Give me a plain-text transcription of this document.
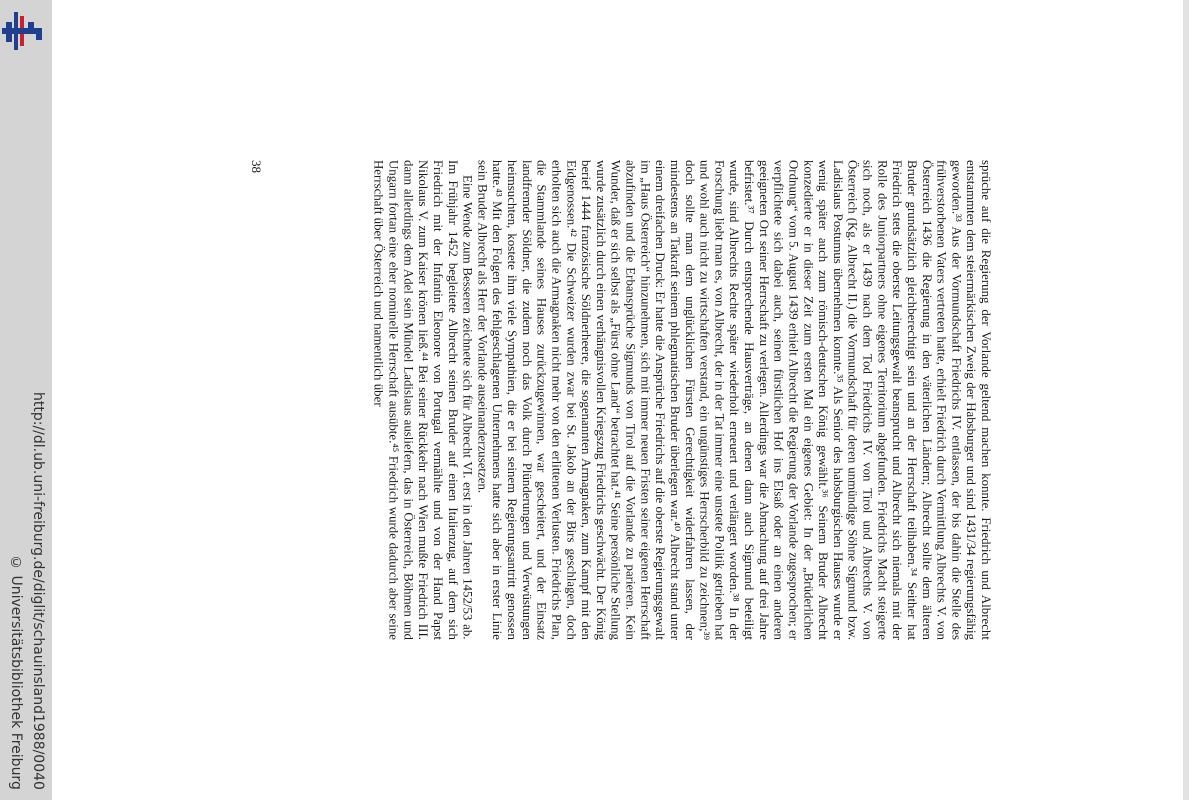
http://dl.ub.uni-freiburg.de/diglit/schauinsland1988/0040
© Universitätsbibliothek Freiburg

sprüche auf die Regierung der Vorlande geltend machen konnte. Friedrich und Albrecht entstammten dem steiermärkischen Zweig der Habsburger und sind 1431/34 regierungsfähig geworden.³³ Aus der Vormundschaft Friedrichs IV. entlassen, der bis dahin die Stelle des frühverstorbenen Vaters vertreten hatte, erhielt Friedrich durch Vermittlung Albrechts V. von Österreich 1436 die Regierung in den väterlichen Ländern; Albrecht sollte dem älteren Bruder grundsätzlich gleichberechtigt sein und an der Herrschaft teilhaben.³⁴ Seither hat Friedrich stets die oberste Leitungsgewalt beansprucht und Albrecht sich niemals mit der Rolle des Juniorpartners ohne eigenes Territorium abgefunden. Friedrichs Macht steigerte sich noch, als er 1439 nach dem Tod Friedrichs IV. von Tirol und Albrechts V. von Österreich (Kg. Albrecht II.) die Vormundschaft für deren unmündige Söhne Sigmund bzw. Ladislaus Postumus übernehmen konnte.³⁵ Als Senior des habsburgischen Hauses wurde er wenig später auch zum römisch-deutschen König gewählt.³⁶ Seinem Bruder Albrecht konzedierte er in dieser Zeit zum ersten Mal ein eigenes Gebiet: In der „Brüderlichen Ordnung“ vom 5. August 1439 erhielt Albrecht die Regierung der Vorlande zugesprochen; er verpflichtete sich dabei auch, seinen fürstlichen Hof ins Elsaß oder an einen anderen geeigneten Ort seiner Herrschaft zu verlegen. Allerdings war die Abmachung auf drei Jahre befristet.³⁷ Durch entsprechende Hausverträge, an denen dann auch Sigmund beteiligt wurde, sind Albrechts Rechte später wiederholt erneuert und verlängert worden.³⁸ In der Forschung liebt man es, von Albrecht, der in der Tat immer eine unstete Politik getrieben hat und wohl auch nicht zu wirtschaften verstand, ein ungünstiges Herrscherbild zu zeichnen;³⁹ doch sollte man dem unglücklichen Fürsten Gerechtigkeit widerfahren lassen, der mindestens an Tatkraft seinem phlegmatischen Bruder überlegen war.⁴⁰ Albrecht stand unter einem dreifachen Druck: Er hatte die Ansprüche Friedrichs auf die oberste Regierungsgewalt im „Haus Österreich“ hinzunehmen, sich mit immer neuen Fristen seiner eigenen Herrschaft abzufinden und die Erbansprüche Sigmunds von Tirol auf die Vorlande zu parieren. Kein Wunder, daß er sich selbst als „Fürst ohne Land“ betrachtet hat.⁴¹ Seine persönliche Stellung wurde zusätzlich durch einen verhängnisvollen Kriegszug Friedrichs geschwächt. Der König berief 1444 französische Söldnerheere, die sogenannten Armagnaken, zum Kampf mit den Eidgenossen.⁴² Die Schweizer wurden zwar bei St. Jakob an der Birs geschlagen, doch erholten sich auch die Armagnaken nicht mehr von den erlittenen Verlusten. Friedrichs Plan, die Stammlande seines Hauses zurückzugewinnen, war gescheitert, und der Einsatz landfremder Söldner, die zudem noch das Volk durch Plünderungen und Verwüstungen heimsuchten, kostete ihm viele Sympathien, die er bei seinem Regierungsantritt genossen hatte.⁴³ Mit den Folgen des fehlgeschlagenen Unternehmens hatte sich aber in erster Linie sein Bruder Albrecht als Herr der Vorlande auseinanderzusetzen.

Eine Wende zum Besseren zeichnete sich für Albrecht VI. erst in den Jahren 1452/53 ab. Im Frühjahr 1452 begleitete Albrecht seinen Bruder auf einen Italienzug, auf dem sich Friedrich mit der Infantin Eleonore von Portugal vermählte und von der Hand Papst Nikolaus V. zum Kaiser krönen ließ.⁴⁴ Bei seiner Rückkehr nach Wien mußte Friedrich III. dann allerdings dem Adel sein Mündel Ladislaus ausliefern, das in Österreich, Böhmen und Ungarn fortan eine eher nominelle Herrschaft ausübte.⁴⁵ Friedrich wurde dadurch aber seine Herrschaft über Österreich und namentlich über

38
